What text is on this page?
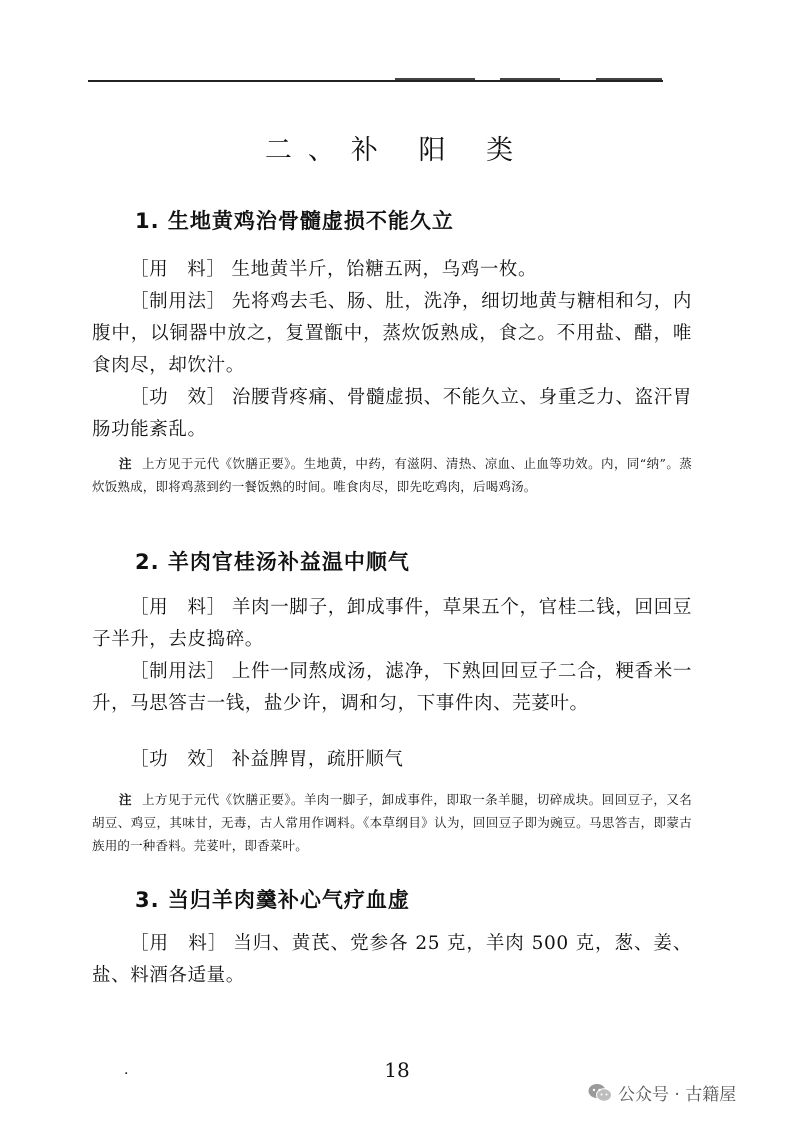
二、补 阳 类
1. 生地黄鸡治骨髓虚损不能久立
［用　料］ 生地黄半斤，饴糖五两，乌鸡一枚。
［制用法］ 先将鸡去毛、肠、肚，洗净，细切地黄与糖相和匀，内腹中，以铜器中放之，复置甑中，蒸炊饭熟成，食之。不用盐、醋，唯食肉尽，却饮汁。
［功　效］ 治腰背疼痛、骨髓虚损、不能久立、身重乏力、盗汗胃肠功能紊乱。
注 上方见于元代《饮膳正要》。生地黄，中药，有滋阴、清热、凉血、止血等功效。内，同“纳”。蒸炊饭熟成，即将鸡蒸到约一餐饭熟的时间。唯食肉尽，即先吃鸡肉，后喝鸡汤。
2. 羊肉官桂汤补益温中顺气
［用　料］ 羊肉一脚子，卸成事件，草果五个，官桂二钱，回回豆子半升，去皮捣碎。
［制用法］ 上件一同熬成汤，滤净，下熟回回豆子二合，粳香米一升，马思答吉一钱，盐少许，调和匀，下事件肉、芫荽叶。
［功　效］ 补益脾胃，疏肝顺气
注 上方见于元代《饮膳正要》。羊肉一脚子，卸成事件，即取一条羊腿，切碎成块。回回豆子，又名胡豆、鸡豆，其味甘，无毒，古人常用作调料。《本草纲目》认为，回回豆子即为豌豆。马思答吉，即蒙古族用的一种香料。芫荽叶，即香菜叶。
3. 当归羊肉羹补心气疗血虚
［用　料］ 当归、黄芪、党参各 25 克，羊肉 500 克，葱、姜、盐、料酒各适量。
.	18
公众号 · 古籍屋
